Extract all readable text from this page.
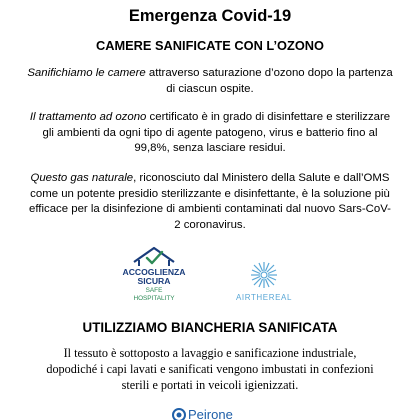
Emergenza Covid-19
CAMERE SANIFICATE CON L’OZONO
Sanifichiamo le camere attraverso saturazione d’ozono dopo la partenza di ciascun ospite.
Il trattamento ad ozono certificato è in grado di disinfettare e sterilizzare gli ambienti da ogni tipo di agente patogeno, virus e batterio fino al 99,8%, senza lasciare residui.
Questo gas naturale, riconosciuto dal Ministero della Salute e dall’OMS come un potente presidio sterilizzante e disinfettante, è la soluzione più efficace per la disinfezione di ambienti contaminati dal nuovo Sars-CoV-2 coronavirus.
ACCOGLIENZA
SICURA
SAFE
HOSPITALITY	AIRTHEREAL
UTILIZZIAMO BIANCHERIA SANIFICATA
Il tessuto è sottoposto a lavaggio e sanificazione industriale, dopodiché i capi lavati e sanificati vengono imbustati in confezioni sterili e portati in veicoli igienizzati.
Peirone
